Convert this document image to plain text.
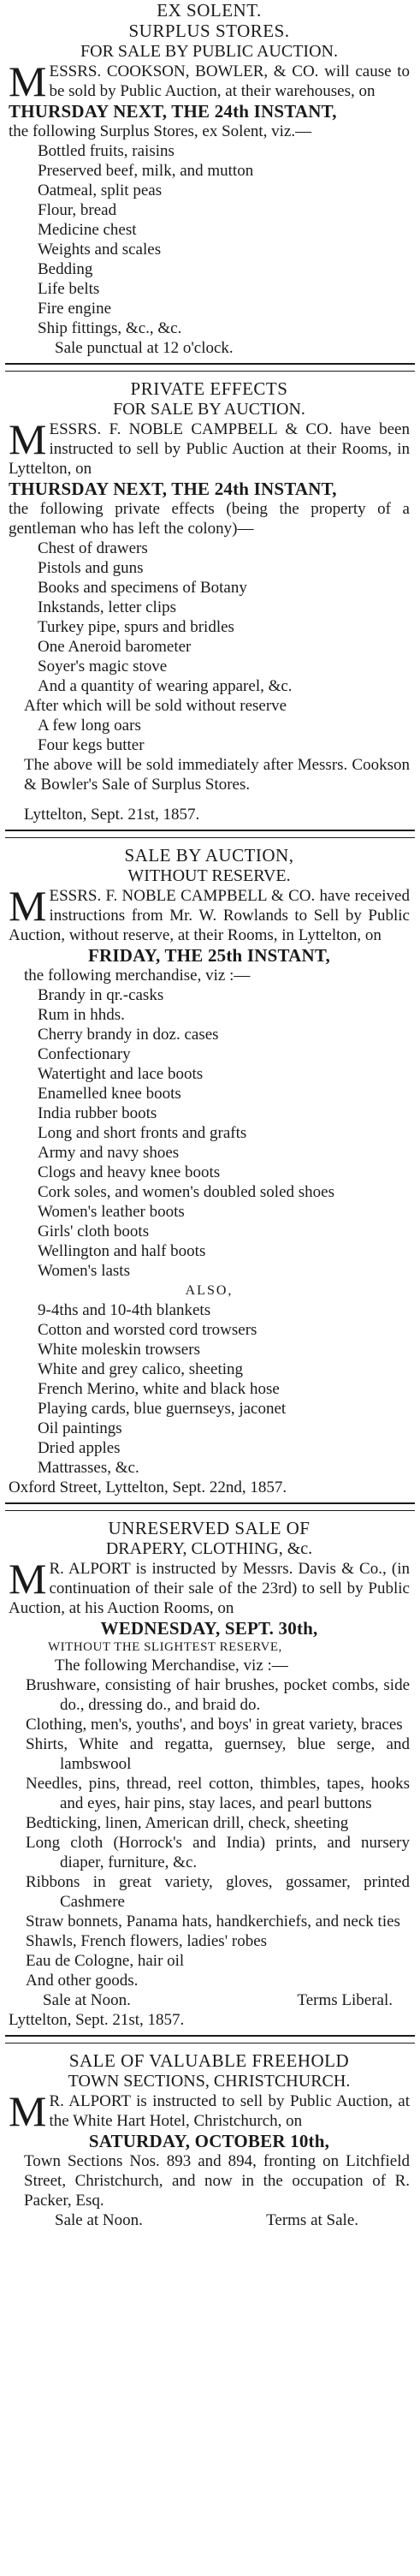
EX SOLENT.
SURPLUS STORES.
FOR SALE BY PUBLIC AUCTION.
MESSRS. COOKSON, BOWLER, & CO. will cause to be sold by Public Auction, at their warehouses, on
THURSDAY NEXT, THE 24th INSTANT,
the following Surplus Stores, ex Solent, viz.—
Bottled fruits, raisins
Preserved beef, milk, and mutton
Oatmeal, split peas
Flour, bread
Medicine chest
Weights and scales
Bedding
Life belts
Fire engine
Ship fittings, &c., &c.
Sale punctual at 12 o'clock.
PRIVATE EFFECTS
FOR SALE BY AUCTION.
MESSRS. F. NOBLE CAMPBELL & CO. have been instructed to sell by Public Auction at their Rooms, in Lyttelton, on
THURSDAY NEXT, THE 24th INSTANT,
the following private effects (being the property of a gentleman who has left the colony)—
Chest of drawers
Pistols and guns
Books and specimens of Botany
Inkstands, letter clips
Turkey pipe, spurs and bridles
One Aneroid barometer
Soyer's magic stove
And a quantity of wearing apparel, &c.
After which will be sold without reserve
A few long oars
Four kegs butter
The above will be sold immediately after Messrs. Cookson & Bowler's Sale of Surplus Stores.
Lyttelton, Sept. 21st, 1857.
SALE BY AUCTION,
WITHOUT RESERVE.
MESSRS. F. NOBLE CAMPBELL & CO. have received instructions from Mr. W. Rowlands to Sell by Public Auction, without reserve, at their Rooms, in Lyttelton, on
FRIDAY, THE 25th INSTANT,
the following merchandise, viz :—
Brandy in qr.-casks
Rum in hhds.
Cherry brandy in doz. cases
Confectionary
Watertight and lace boots
Enamelled knee boots
India rubber boots
Long and short fronts and grafts
Army and navy shoes
Clogs and heavy knee boots
Cork soles, and women's doubled soled shoes
Women's leather boots
Girls' cloth boots
Wellington and half boots
Women's lasts
ALSO,
9-4ths and 10-4th blankets
Cotton and worsted cord trowsers
White moleskin trowsers
White and grey calico, sheeting
French Merino, white and black hose
Playing cards, blue guernseys, jaconet
Oil paintings
Dried apples
Mattrasses, &c.
Oxford Street, Lyttelton, Sept. 22nd, 1857.
UNRESERVED SALE OF
DRAPERY, CLOTHING, &c.
M R. ALPORT is instructed by Messrs. Davis & Co., (in continuation of their sale of the 23rd) to sell by Public Auction, at his Auction Rooms, on
WEDNESDAY, SEPT. 30th,
WITHOUT THE SLIGHTEST RESERVE,
The following Merchandise, viz :—
Brushware, consisting of hair brushes, pocket combs, side do., dressing do., and braid do.
Clothing, men's, youths', and boys' in great variety, braces
Shirts, White and regatta, guernsey, blue serge, and lambswool
Needles, pins, thread, reel cotton, thimbles, tapes, hooks and eyes, hair pins, stay laces, and pearl buttons
Bedticking, linen, American drill, check, sheeting
Long cloth (Horrock's and India) prints, and nursery diaper, furniture, &c.
Ribbons in great variety, gloves, gossamer, printed Cashmere
Straw bonnets, Panama hats, handkerchiefs, and neck ties
Shawls, French flowers, ladies' robes
Eau de Cologne, hair oil
And other goods.
Sale at Noon.	Terms Liberal.
Lyttelton, Sept. 21st, 1857.
SALE OF VALUABLE FREEHOLD
TOWN SECTIONS, CHRISTCHURCH.
M R. ALPORT is instructed to sell by Public Auction, at the White Hart Hotel, Christchurch, on
SATURDAY, OCTOBER 10th,
Town Sections Nos. 893 and 894, fronting on Litchfield Street, Christchurch, and now in the occupation of R. Packer, Esq.
Sale at Noon.	Terms at Sale.
